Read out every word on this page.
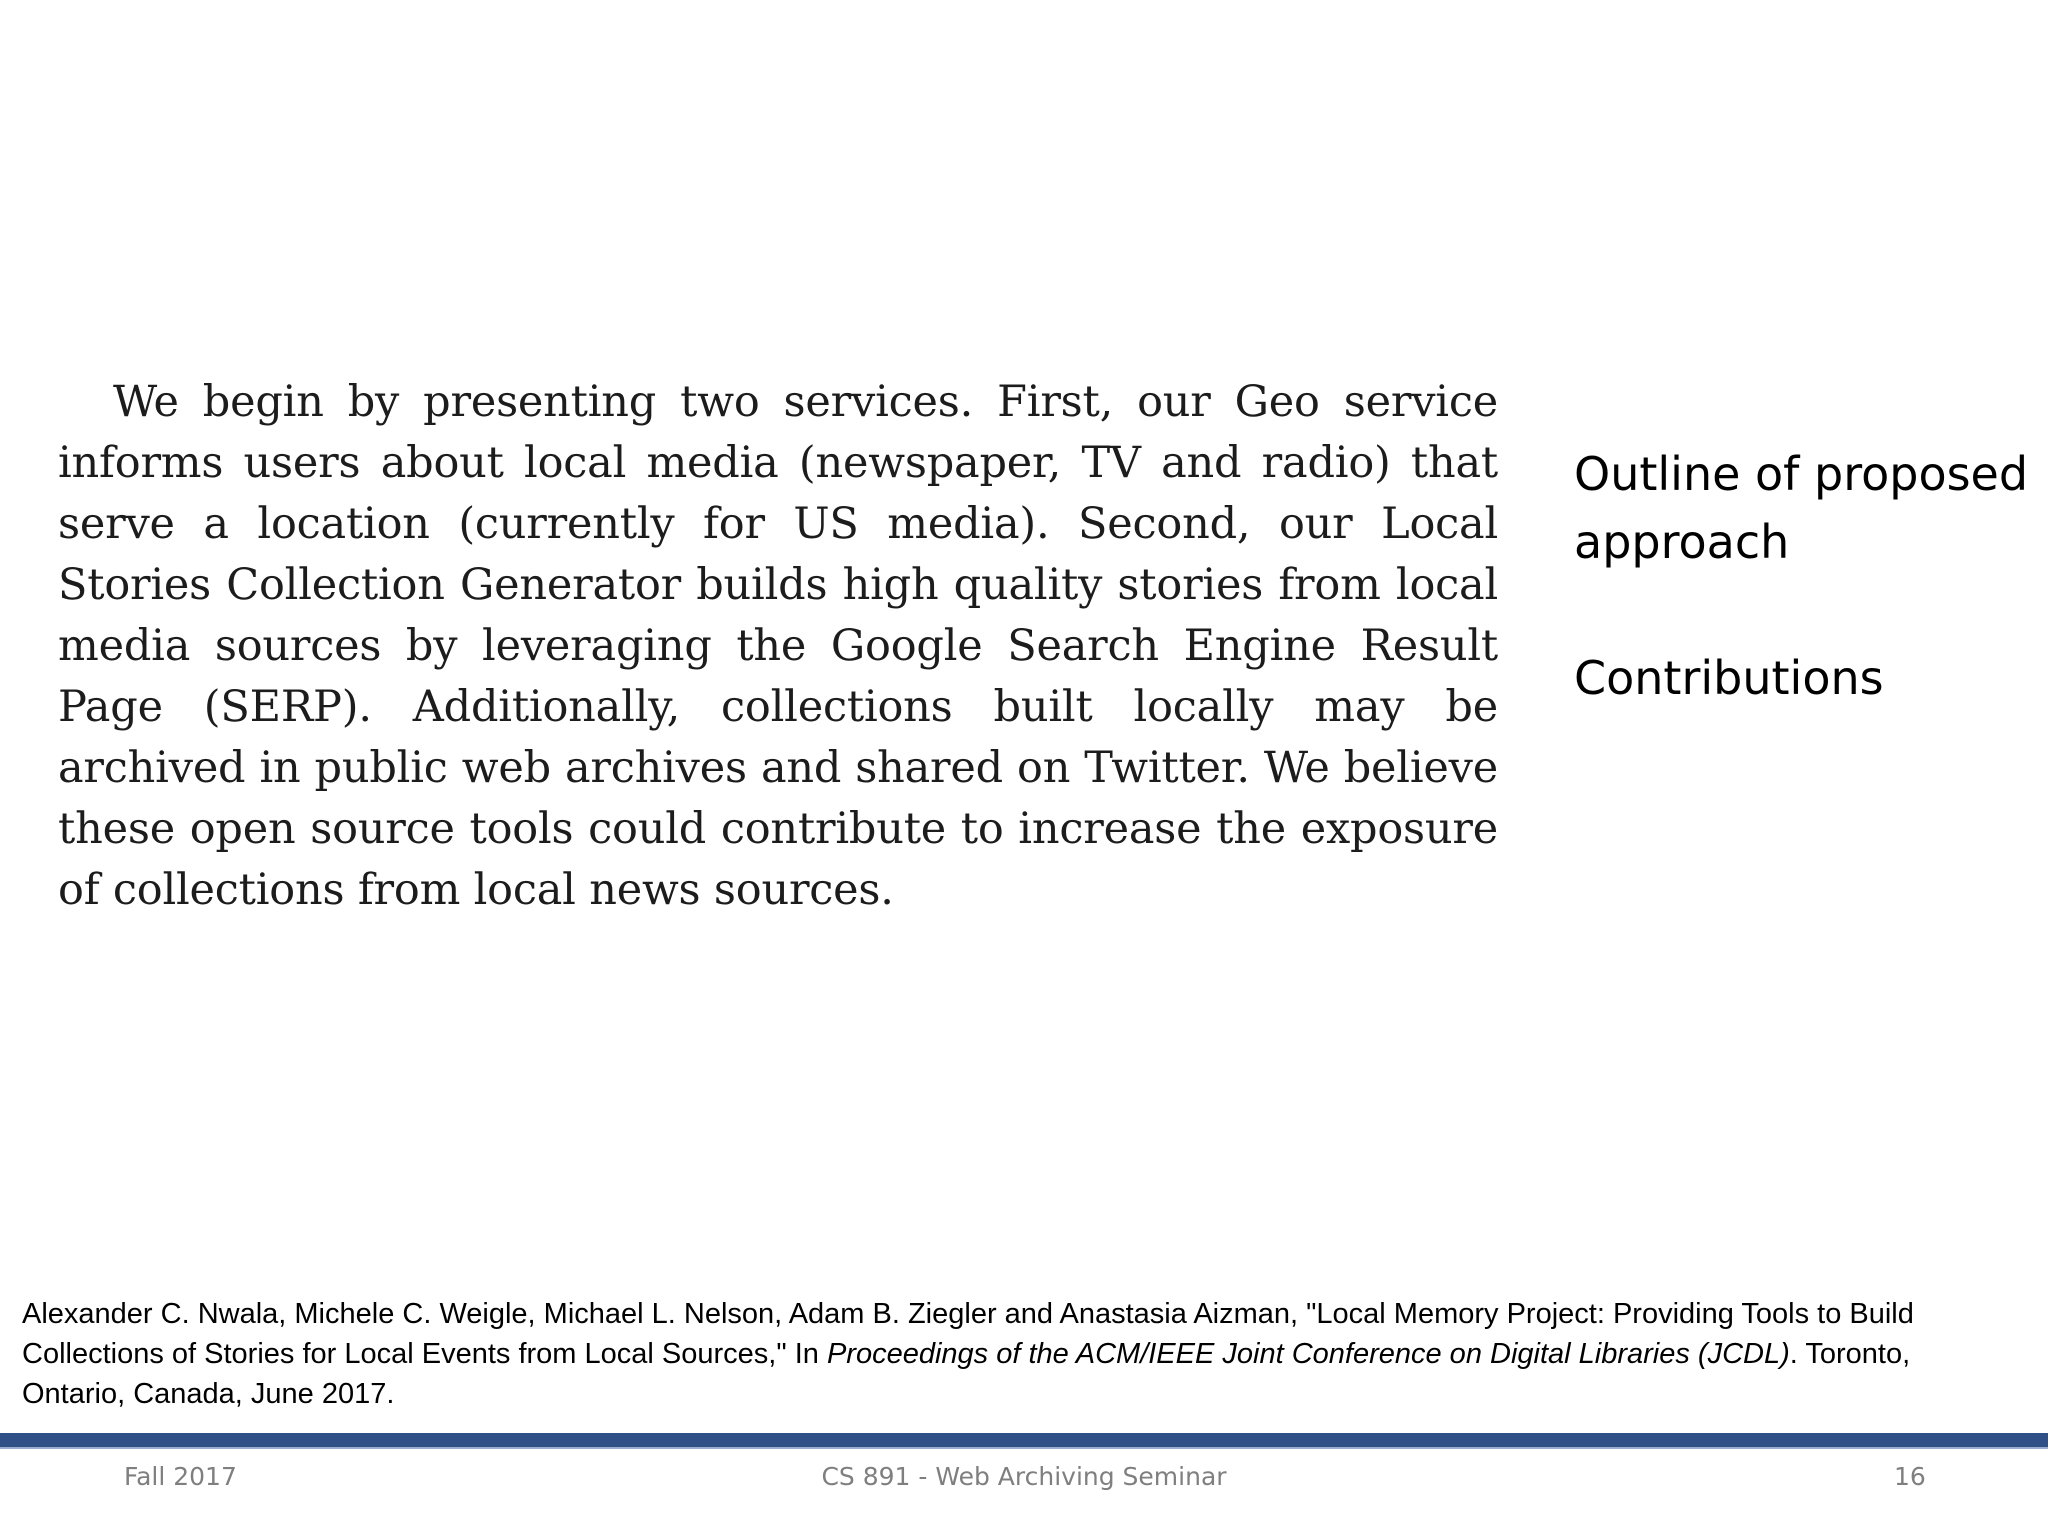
We begin by presenting two services. First, our Geo service informs users about local media (newspaper, TV and radio) that serve a location (currently for US media). Second, our Local Stories Collection Generator builds high quality stories from local media sources by leveraging the Google Search Engine Result Page (SERP). Additionally, collections built locally may be archived in public web archives and shared on Twitter. We believe these open source tools could contribute to increase the exposure of collections from local news sources.
Outline of proposed approach
Contributions
Alexander C. Nwala, Michele C. Weigle, Michael L. Nelson, Adam B. Ziegler and Anastasia Aizman, "Local Memory Project: Providing Tools to Build Collections of Stories for Local Events from Local Sources," In Proceedings of the ACM/IEEE Joint Conference on Digital Libraries (JCDL). Toronto, Ontario, Canada, June 2017.
CS 891 - Web Archiving Seminar
Fall 2017	16
